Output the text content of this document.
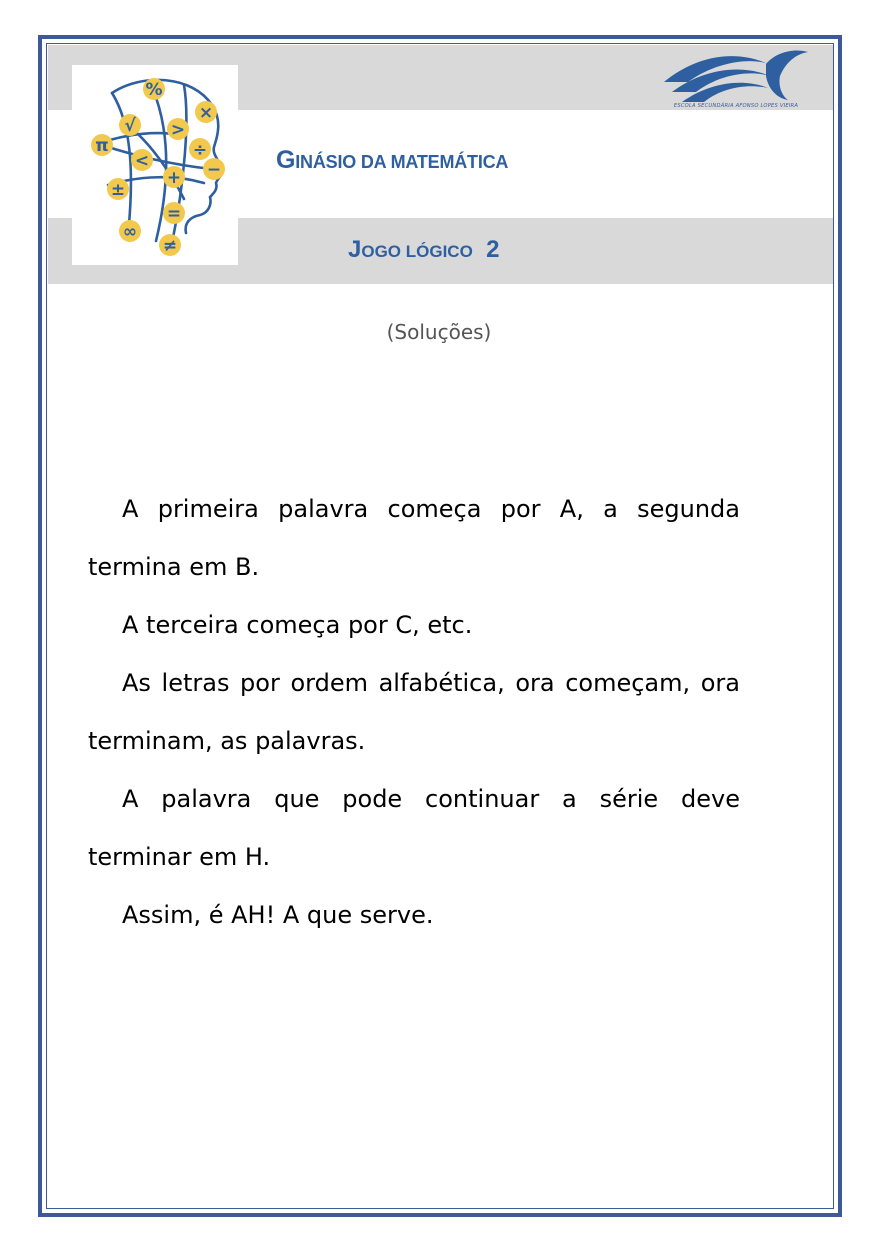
%
√
π
>
×
÷
−
<
+
±
=
∞
≠
ESCOLA SECUNDÁRIA AFONSO LOPES VIEIRA
GINÁSIO DA MATEMÁTICA
JOGO LÓGICO 2
(Soluções)

A primeira palavra começa por A, a segunda termina em B.

A terceira começa por C, etc.

As letras por ordem alfabética, ora começam, ora terminam, as palavras.

A palavra que pode continuar a série deve terminar em H.

Assim, é AH! A que serve.
